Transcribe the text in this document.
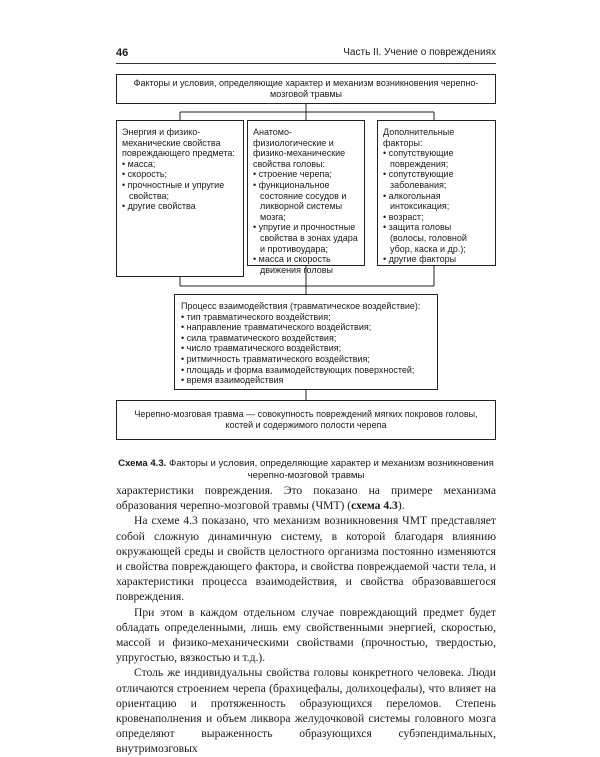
46	Часть II. Учение о повреждениях
Факторы и условия, определяющие характер и механизм возникновения черепно-мозговой травмы
Энергия и физико-механические свойства повреждающего предмета:
• масса;
• скорость;
• прочностные и упругие свойства;
• другие свойства
Анатомо-физиологические и физико-механические свойства головы:
• строение черепа;
• функциональное состояние сосудов и ликворной системы мозга;
• упругие и прочностные свойства в зонах удара и противоудара;
• масса и скорость движения головы
Дополнительные факторы:
• сопутствующие повреждения;
• сопутствующие заболевания;
• алкогольная интоксикация;
• возраст;
• защита головы (волосы, головной убор, каска и др.);
• другие факторы
Процесс взаимодействия (травматическое воздействие):
• тип травматического воздействия;
• направление травматического воздействия;
• сила травматического воздействия;
• число травматического воздействия;
• ритмичность травматического воздействия;
• площадь и форма взаимодействующих поверхностей;
• время взаимодействия
Черепно-мозговая травма — совокупность повреждений мягких покровов головы, костей и содержимого полости черепа
Схема 4.3. Факторы и условия, определяющие характер и механизм возникновения черепно-мозговой травмы

характеристики повреждения. Это показано на примере механизма образования черепно-мозговой травмы (ЧМТ) (схема 4.3).

На схеме 4.3 показано, что механизм возникновения ЧМТ представляет собой сложную динамичную систему, в которой благодаря влиянию окружающей среды и свойств целостного организма постоянно изменяются и свойства повреждающего фактора, и свойства повреждаемой части тела, и характеристики процесса взаимодействия, и свойства образовавшегося повреждения.

При этом в каждом отдельном случае повреждающий предмет будет обладать определенными, лишь ему свойственными энергией, скоростью, массой и физико-механическими свойствами (прочностью, твердостью, упругостью, вязкостью и т.д.).

Столь же индивидуальны свойства головы конкретного человека. Люди отличаются строением черепа (брахицефалы, долихоцефалы), что влияет на ориентацию и протяженность образующихся переломов. Степень кровенаполнения и объем ликвора желудочковой системы головного мозга определяют выраженность образующихся субэпендимальных, внутримозговых
